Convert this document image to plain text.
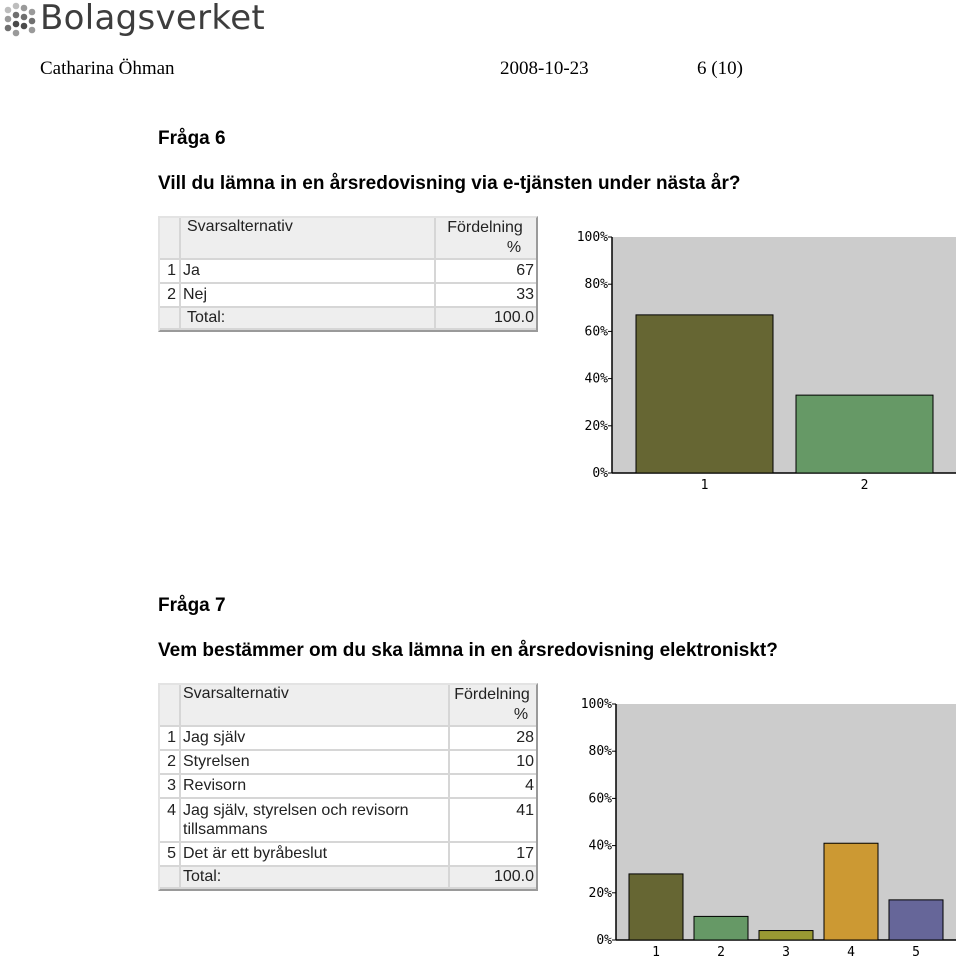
Bolagsverket
Catharina Öhman	2008-10-23	6 (10)
Fråga 6
Vill du lämna in en årsredovisning via e-tjänsten under nästa år?
	Svarsalternativ	Fördelning
%
1	Ja	67
2	Nej	33
	Total:	100.0
0%
20%
40%
60%
80%
100%
1	2
Fråga 7
Vem bestämmer om du ska lämna in en årsredovisning elektroniskt?
	Svarsalternativ	Fördelning
%
1	Jag själv	28
2	Styrelsen	10
3	Revisorn	4
4	Jag själv, styrelsen och revisorn tillsammans	41
5	Det är ett byråbeslut	17
	Total:	100.0
0%
20%
40%
60%
80%
100%
1	2	3	4	5
